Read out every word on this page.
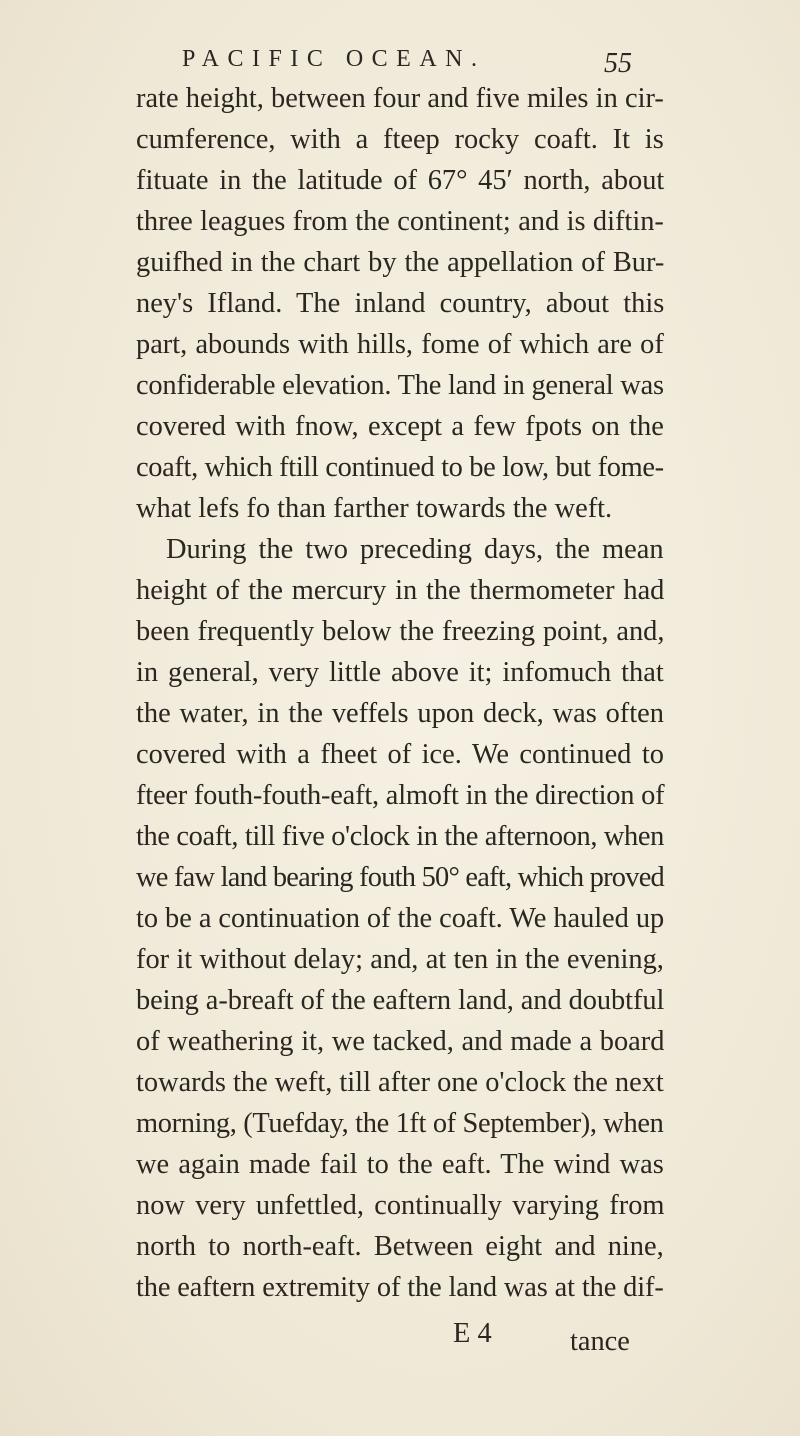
PACIFIC OCEAN.	55
rate height, between four and five miles in cir-
cumference, with a fteep rocky coaft. It is
fituate in the latitude of 67° 45′ north, about
three leagues from the continent; and is diftin-
guifhed in the chart by the appellation of Bur-
ney's Ifland. The inland country, about this
part, abounds with hills, fome of which are of
confiderable elevation. The land in general was
covered with fnow, except a few fpots on the
coaft, which ftill continued to be low, but fome-
what lefs fo than farther towards the weft.
During the two preceding days, the mean
height of the mercury in the thermometer had
been frequently below the freezing point, and,
in general, very little above it; infomuch that
the water, in the veffels upon deck, was often
covered with a fheet of ice. We continued to
fteer fouth-fouth-eaft, almoft in the direction of
the coaft, till five o'clock in the afternoon, when
we faw land bearing fouth 50° eaft, which proved
to be a continuation of the coaft. We hauled up
for it without delay; and, at ten in the evening,
being a-breaft of the eaftern land, and doubtful
of weathering it, we tacked, and made a board
towards the weft, till after one o'clock the next
morning, (Tuefday, the 1ft of September), when
we again made fail to the eaft. The wind was
now very unfettled, continually varying from
north to north-eaft. Between eight and nine,
the eaftern extremity of the land was at the dif-
E 4	tance
